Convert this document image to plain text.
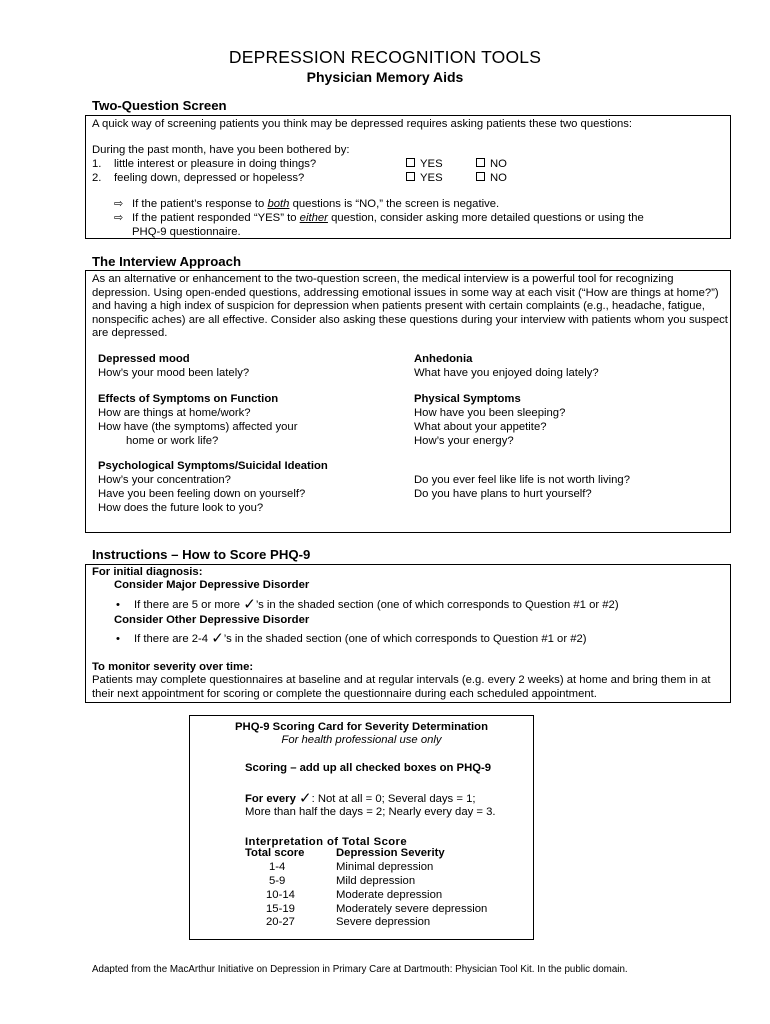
DEPRESSION RECOGNITION TOOLS
Physician Memory Aids
Two-Question Screen
A quick way of screening patients you think may be depressed requires asking patients these two questions:
During the past month, have you been bothered by:
1. little interest or pleasure in doing things?	YES	NO
2. feeling down, depressed or hopeless?	YES	NO
⇨ If the patient’s response to both questions is “NO,” the screen is negative.
⇨ If the patient responded “YES” to either question, consider asking more detailed questions or using the
PHQ-9 questionnaire.
The Interview Approach
As an alternative or enhancement to the two-question screen, the medical interview is a powerful tool for recognizing depression. Using open-ended questions, addressing emotional issues in some way at each visit (“How are things at home?”) and having a high index of suspicion for depression when patients present with certain complaints (e.g., headache, fatigue, nonspecific aches) are all effective. Consider also asking these questions during your interview with patients whom you suspect are depressed.
Depressed mood
How’s your mood been lately?
Anhedonia
What have you enjoyed doing lately?
Effects of Symptoms on Function
How are things at home/work?
How have (the symptoms) affected your
home or work life?
Physical Symptoms
How have you been sleeping?
What about your appetite?
How’s your energy?
Psychological Symptoms/Suicidal Ideation
How’s your concentration?
Have you been feeling down on yourself?
How does the future look to you?
Do you ever feel like life is not worth living?
Do you have plans to hurt yourself?
Instructions – How to Score PHQ-9
For initial diagnosis:
Consider Major Depressive Disorder
• If there are 5 or more ✓’s in the shaded section (one of which corresponds to Question #1 or #2)
Consider Other Depressive Disorder
• If there are 2-4 ✓’s in the shaded section (one of which corresponds to Question #1 or #2)
To monitor severity over time:
Patients may complete questionnaires at baseline and at regular intervals (e.g. every 2 weeks) at home and bring them in at their next appointment for scoring or complete the questionnaire during each scheduled appointment.
PHQ-9 Scoring Card for Severity Determination
For health professional use only
Scoring – add up all checked boxes on PHQ-9
For every ✓: Not at all = 0; Several days = 1;
More than half the days = 2; Nearly every day = 3.
Interpretation of Total Score
Total score	Depression Severity
1-4	Minimal depression
5-9	Mild depression
10-14	Moderate depression
15-19	Moderately severe depression
20-27	Severe depression
Adapted from the MacArthur Initiative on Depression in Primary Care at Dartmouth: Physician Tool Kit. In the public domain.
